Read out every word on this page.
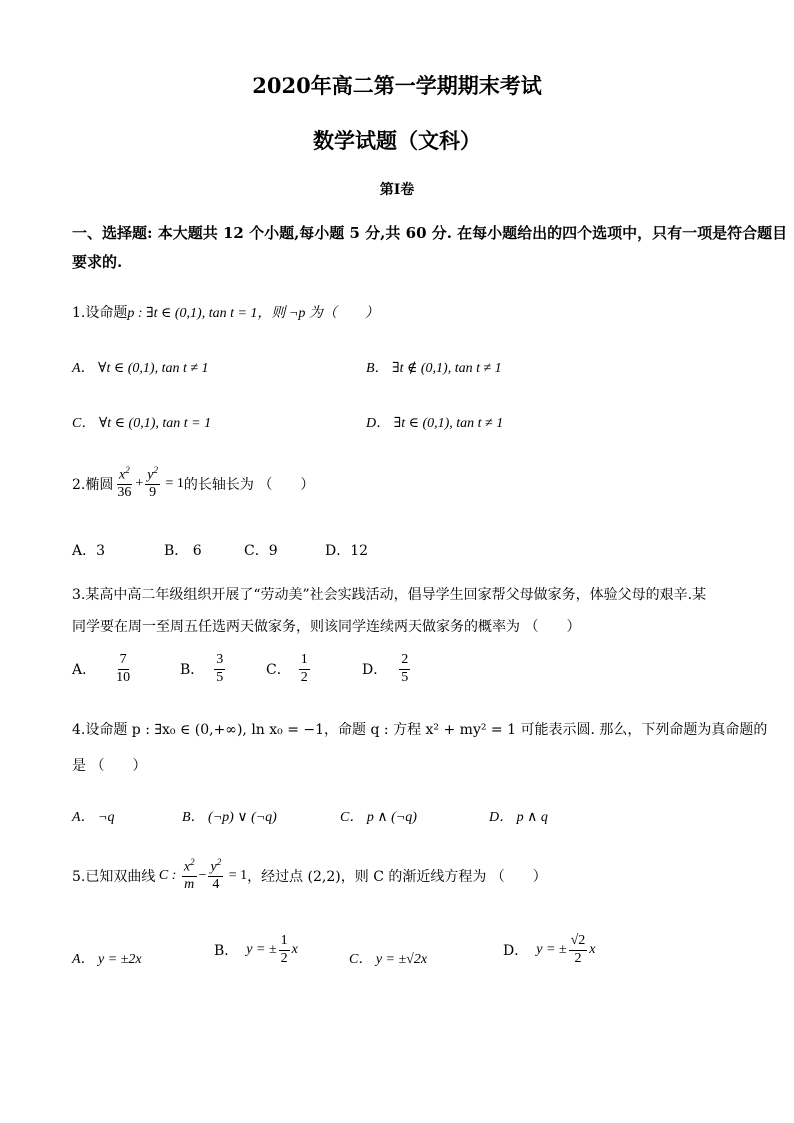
2020年高二第一学期期末考试
数学试题（文科）
第Ⅰ卷
一、选择题: 本大题共 12 个小题,每小题 5 分,共 60 分. 在每小题给出的四个选项中，只有一项是符合题目
要求的.
1.设命题p : ∃t ∈ (0,1), tan t = 1，则 ¬p 为（　　）
A． ∀t ∈ (0,1), tan t ≠ 1	B． ∃t ∉ (0,1), tan t ≠ 1
C． ∀t ∈ (0,1), tan t = 1	D． ∃t ∈ (0,1), tan t ≠ 1
2.椭圆 $\frac{x^2}{36} + \frac{y^2}{9} = 1$ 的长轴长为 （　　）
A．3	B． 6	C．9	D．12
3.某高中高二年级组织开展了“劳动美”社会实践活动，倡导学生回家帮父母做家务，体验父母的艰辛.某
同学要在周一至周五任选两天做家务，则该同学连续两天做家务的概率为 （　　）
A． $\frac{7}{10}$	B． $\frac{3}{5}$	C． $\frac{1}{2}$	D． $\frac{2}{5}$
4.设命题 p : ∃x₀ ∈ (0,+∞), ln x₀ = −1，命题 q : 方程 x² + my² = 1 可能表示圆. 那么，下列命题为真命题的
是 （　　）
A． ¬q	B． (¬p) ∨ (¬q)	C． p ∧ (¬q)	D． p ∧ q
5.已知双曲线 C : $\frac{x^2}{m} - \frac{y^2}{4} = 1$ ，经过点 (2,2)，则 C 的渐近线方程为 （　　）
A． y = ±2x
B． y = ± $\frac{1}{2}$ x
C． y = ±√2x
D． y = ± $\frac{√2}{2}$ x
